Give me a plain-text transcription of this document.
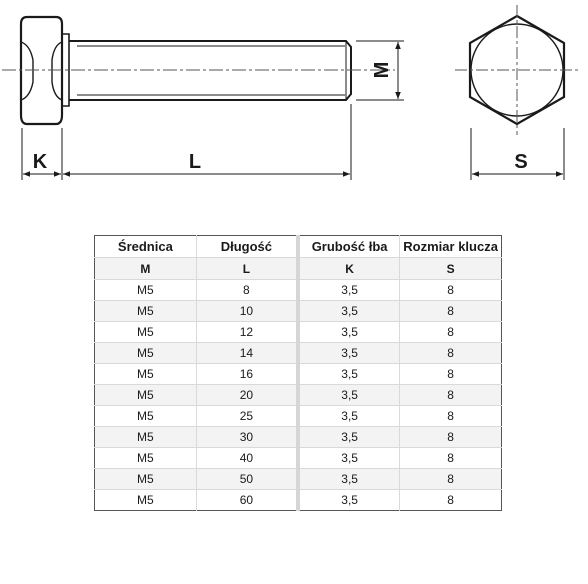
K	L
M
S
Średnica	Długość	Grubość łba	Rozmiar klucza
M	L	K	S
M5	8	3,5	8
M5	10	3,5	8
M5	12	3,5	8
M5	14	3,5	8
M5	16	3,5	8
M5	20	3,5	8
M5	25	3,5	8
M5	30	3,5	8
M5	40	3,5	8
M5	50	3,5	8
M5	60	3,5	8
